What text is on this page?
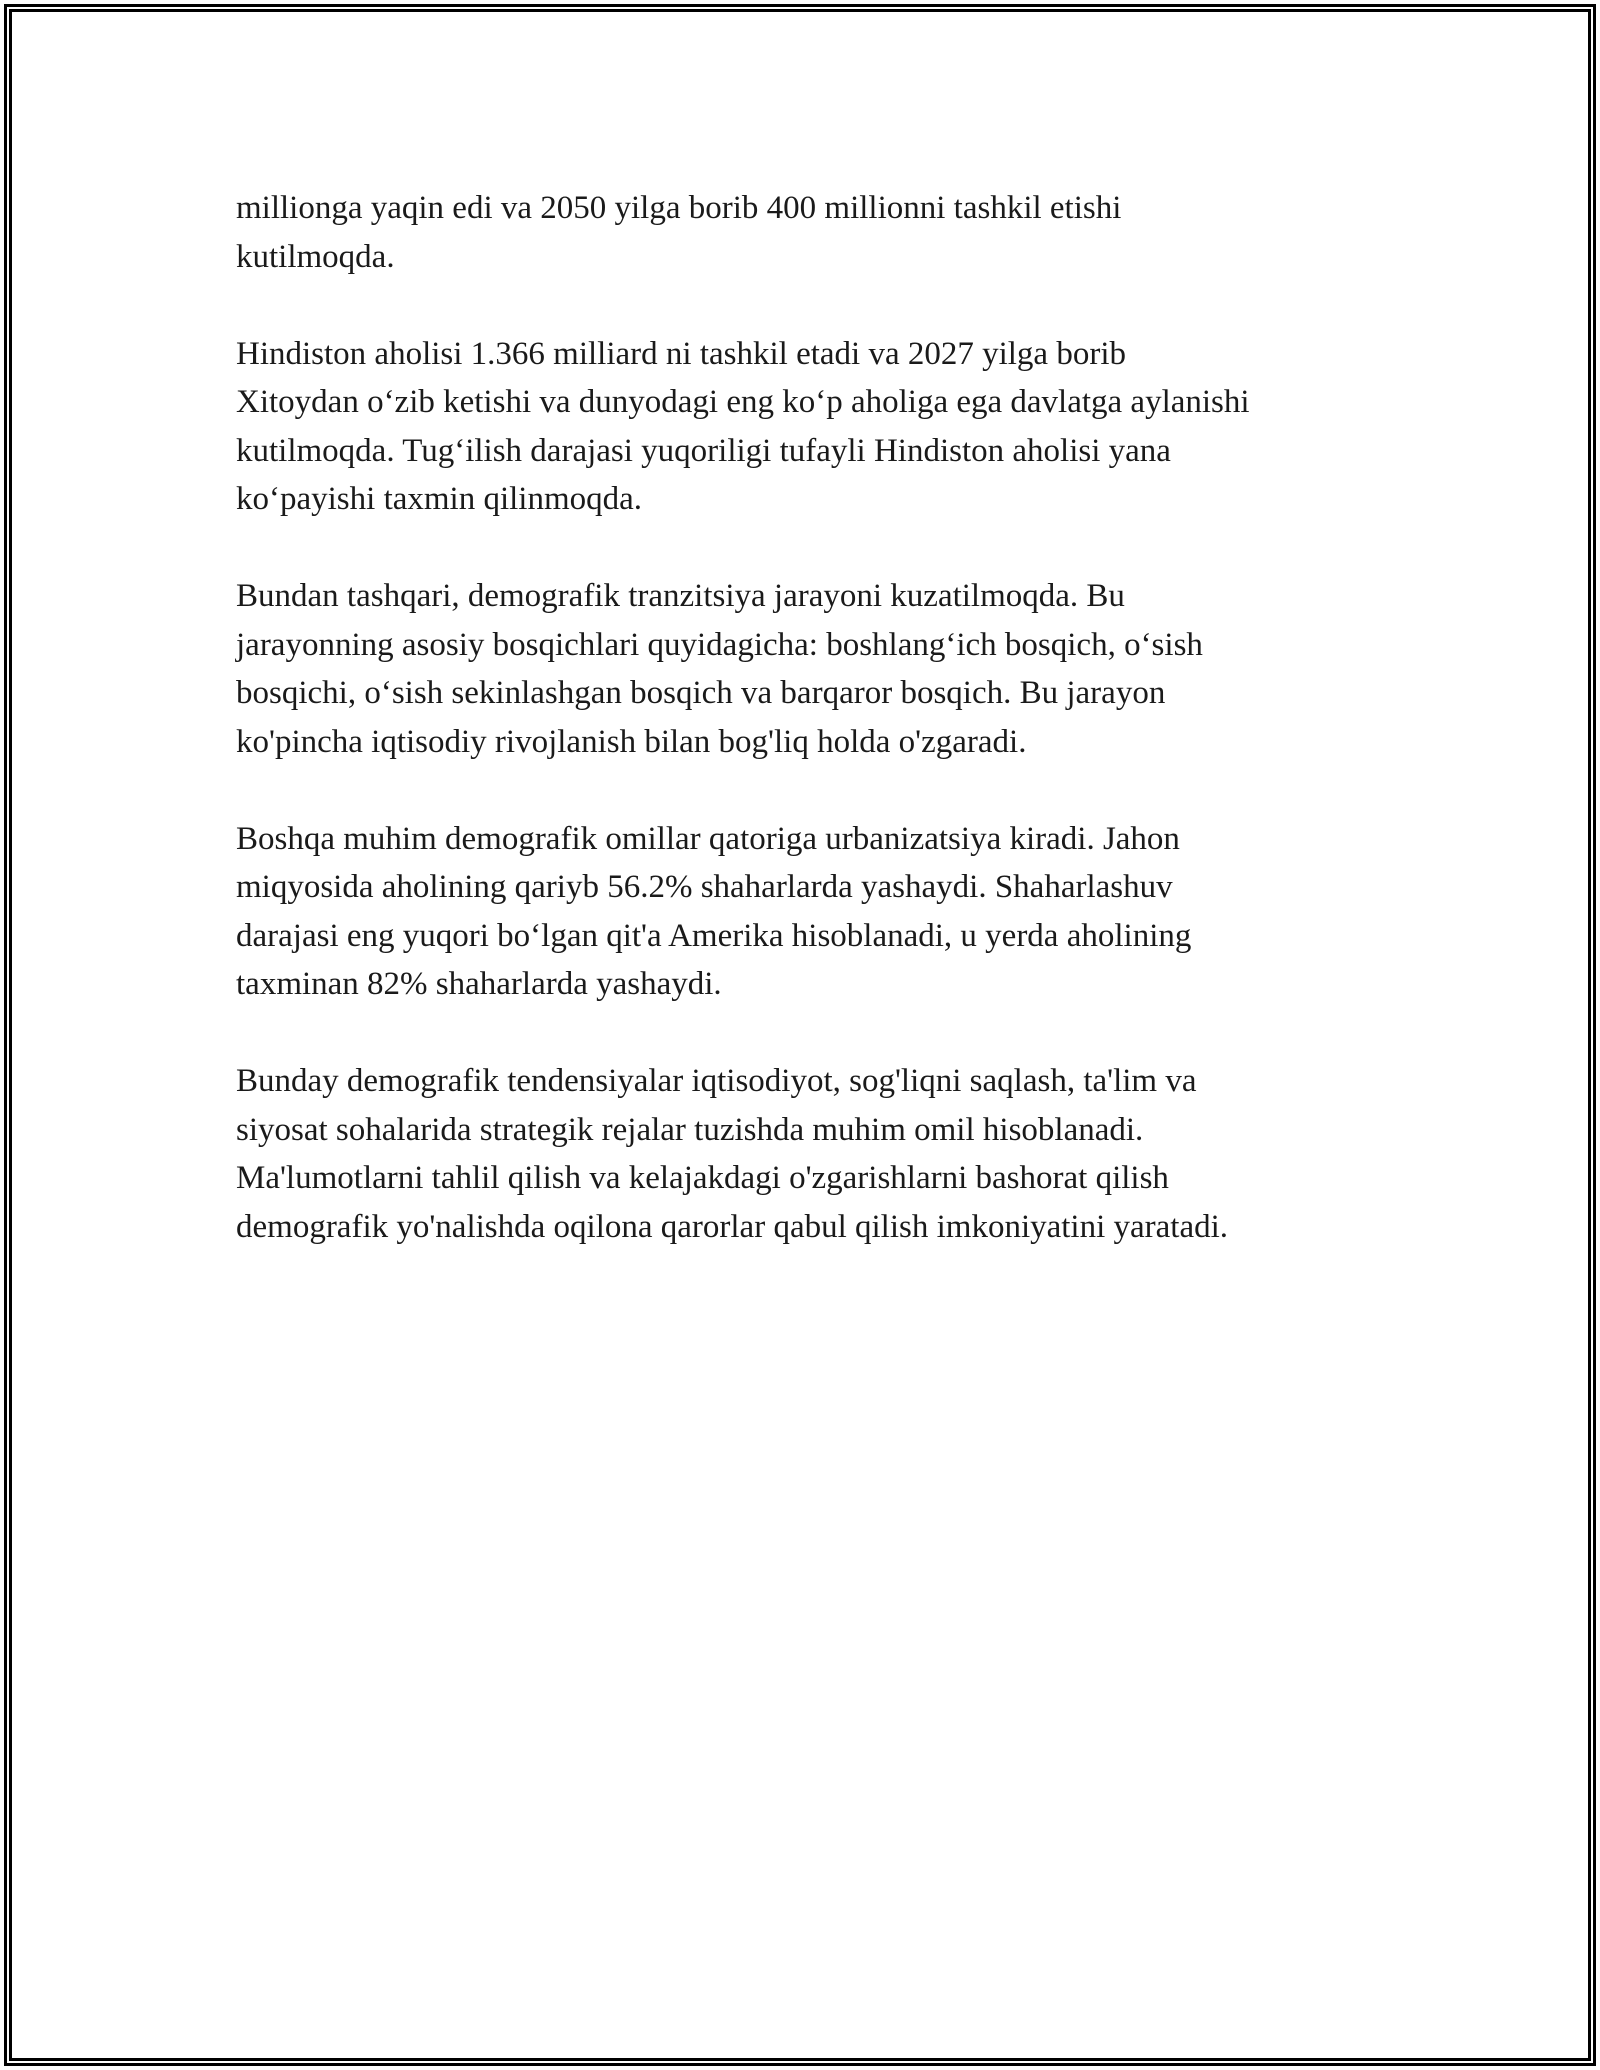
millionga yaqin edi va 2050 yilga borib 400 millionni tashkil etishi
kutilmoqda.

Hindiston aholisi 1.366 milliard ni tashkil etadi va 2027 yilga borib
Xitoydan oʻzib ketishi va dunyodagi eng koʻp aholiga ega davlatga aylanishi
kutilmoqda. Tugʻilish darajasi yuqoriligi tufayli Hindiston aholisi yana
koʻpayishi taxmin qilinmoqda.

Bundan tashqari, demografik tranzitsiya jarayoni kuzatilmoqda. Bu
jarayonning asosiy bosqichlari quyidagicha: boshlangʻich bosqich, oʻsish
bosqichi, oʻsish sekinlashgan bosqich va barqaror bosqich. Bu jarayon
ko'pincha iqtisodiy rivojlanish bilan bog'liq holda o'zgaradi.

Boshqa muhim demografik omillar qatoriga urbanizatsiya kiradi. Jahon
miqyosida aholining qariyb 56.2% shaharlarda yashaydi. Shaharlashuv
darajasi eng yuqori boʻlgan qit'a Amerika hisoblanadi, u yerda aholining
taxminan 82% shaharlarda yashaydi.

Bunday demografik tendensiyalar iqtisodiyot, sog'liqni saqlash, ta'lim va
siyosat sohalarida strategik rejalar tuzishda muhim omil hisoblanadi.
Ma'lumotlarni tahlil qilish va kelajakdagi o'zgarishlarni bashorat qilish
demografik yo'nalishda oqilona qarorlar qabul qilish imkoniyatini yaratadi.
